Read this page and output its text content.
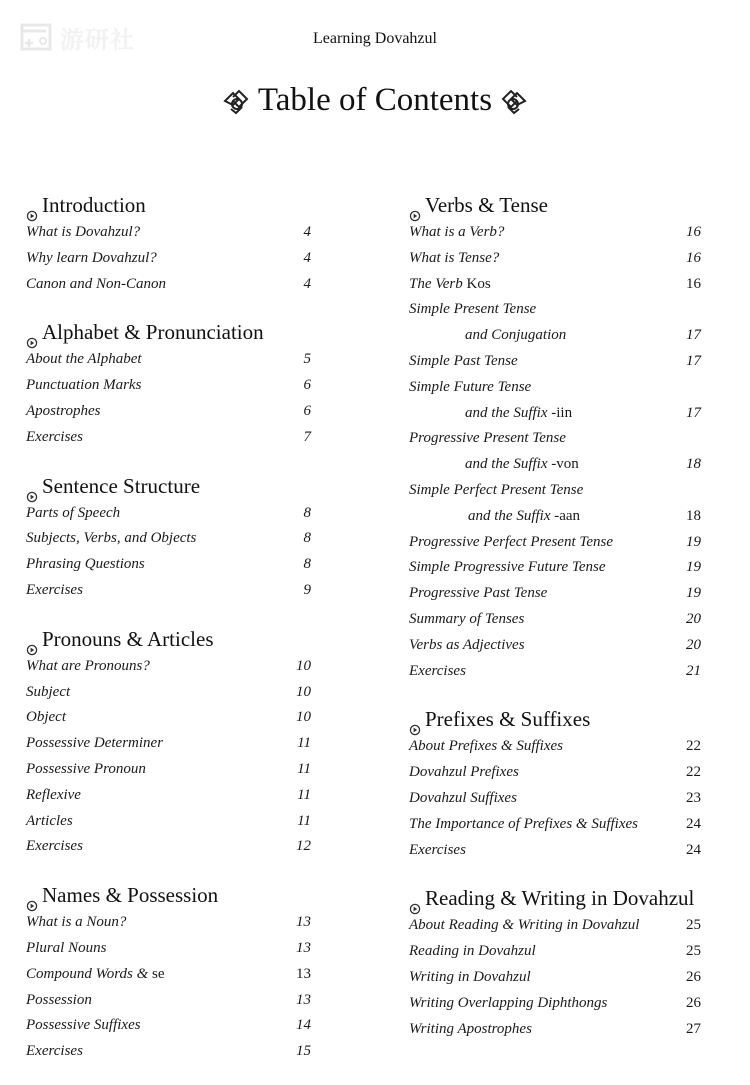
游研社	Learning Dovahzul
Table of Contents
Introduction
What is Dovahzul?	4
Why learn Dovahzul?	4
Canon and Non-Canon	4
Alphabet & Pronunciation
About the Alphabet	5
Punctuation Marks	6
Apostrophes	6
Exercises	7
Sentence Structure
Parts of Speech	8
Subjects, Verbs, and Objects	8
Phrasing Questions	8
Exercises	9
Pronouns & Articles
What are Pronouns?	10
Subject	10
Object	10
Possessive Determiner	11
Possessive Pronoun	11
Reflexive	11
Articles	11
Exercises	12
Names & Possession
What is a Noun?	13
Plural Nouns	13
Compound Words & se	13
Possession	13
Possessive Suffixes	14
Exercises	15
Verbs & Tense
What is a Verb?	16
What is Tense?	16
The Verb Kos	16
Simple Present Tense
and Conjugation	17
Simple Past Tense	17
Simple Future Tense
and the Suffix -iin	17
Progressive Present Tense
and the Suffix -von	18
Simple Perfect Present Tense
and the Suffix -aan	18
Progressive Perfect Present Tense	19
Simple Progressive Future Tense	19
Progressive Past Tense	19
Summary of Tenses	20
Verbs as Adjectives	20
Exercises	21
Prefixes & Suffixes
About Prefixes & Suffixes	22
Dovahzul Prefixes	22
Dovahzul Suffixes	23
The Importance of Prefixes & Suffixes	24
Exercises	24
Reading & Writing in Dovahzul
About Reading & Writing in Dovahzul	25
Reading in Dovahzul	25
Writing in Dovahzul	26
Writing Overlapping Diphthongs	26
Writing Apostrophes	27
